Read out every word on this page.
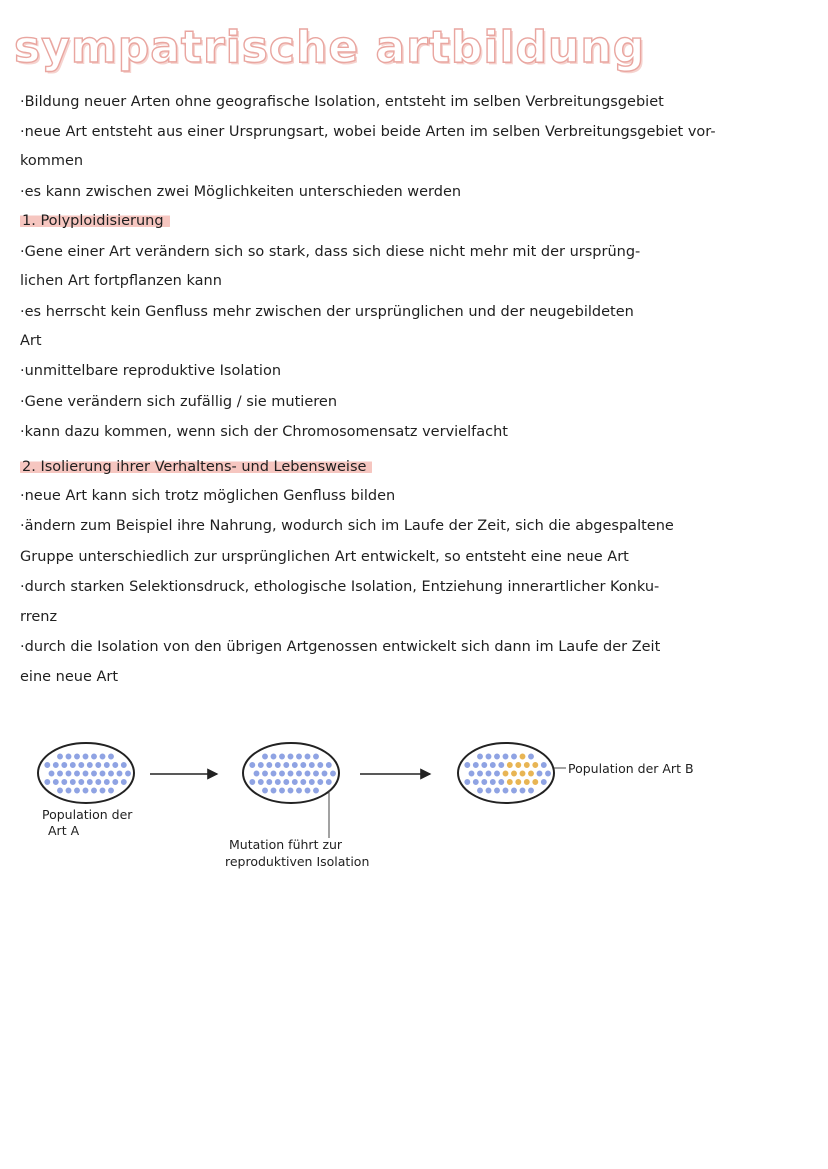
sympatrische artbildung
·Bildung neuer Arten ohne geografische Isolation, entsteht im selben Verbreitungsgebiet
·neue Art entsteht aus einer Ursprungsart, wobei beide Arten im selben Verbreitungsgebiet vor-
kommen
·es kann zwischen zwei Möglichkeiten unterschieden werden
1. Polyploidisierung
·Gene einer Art verändern sich so stark, dass sich diese nicht mehr mit der ursprüng-
lichen Art fortpflanzen kann
·es herrscht kein Genfluss mehr zwischen der ursprünglichen und der neugebildeten
Art
·unmittelbare reproduktive Isolation
·Gene verändern sich zufällig / sie mutieren
·kann dazu kommen, wenn sich der Chromosomensatz vervielfacht
2. Isolierung ihrer Verhaltens- und Lebensweise
·neue Art kann sich trotz möglichen Genfluss bilden
·ändern zum Beispiel ihre Nahrung, wodurch sich im Laufe der Zeit, sich die abgespaltene
Gruppe unterschiedlich zur ursprünglichen Art entwickelt, so entsteht eine neue Art
·durch starken Selektionsdruck, ethologische Isolation, Entziehung innerartlicher Konku-
rrenz
·durch die Isolation von den übrigen Artgenossen entwickelt sich dann im Laufe der Zeit
eine neue Art
Population der
Art A
Mutation führt zur
reproduktiven Isolation
Population der Art B
